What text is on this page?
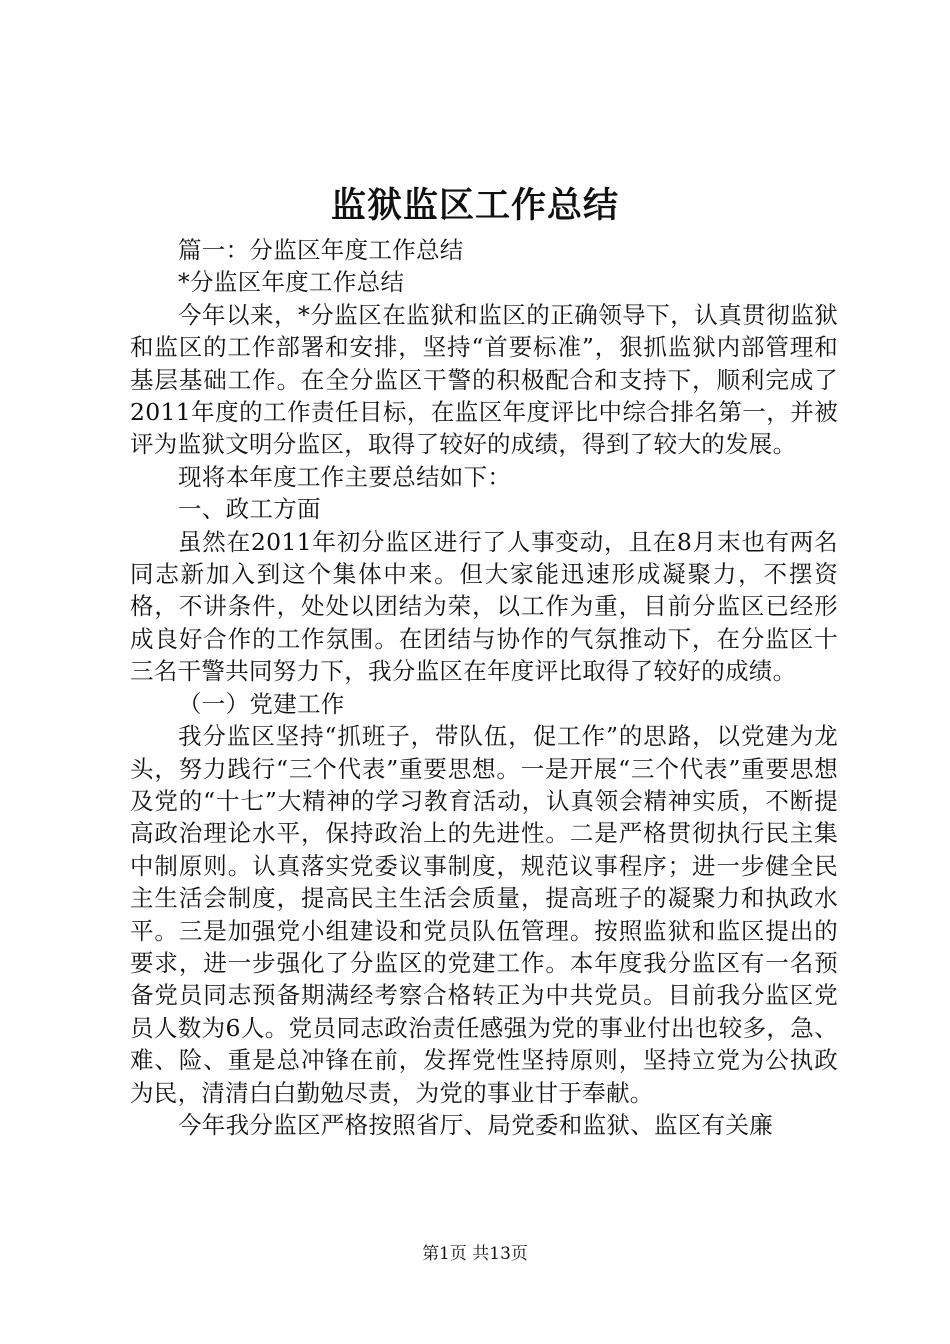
监狱监区工作总结

篇一：分监区年度工作总结

*分监区年度工作总结

今年以来，*分监区在监狱和监区的正确领导下，认真贯彻监狱和监区的工作部署和安排，坚持“首要标准”，狠抓监狱内部管理和基层基础工作。在全分监区干警的积极配合和支持下，顺利完成了2011年度的工作责任目标，在监区年度评比中综合排名第一，并被评为监狱文明分监区，取得了较好的成绩，得到了较大的发展。

现将本年度工作主要总结如下：

一、政工方面

虽然在2011年初分监区进行了人事变动，且在8月末也有两名同志新加入到这个集体中来。但大家能迅速形成凝聚力，不摆资格，不讲条件，处处以团结为荣，以工作为重，目前分监区已经形成良好合作的工作氛围。在团结与协作的气氛推动下，在分监区十三名干警共同努力下，我分监区在年度评比取得了较好的成绩。

（一）党建工作

我分监区坚持“抓班子，带队伍，促工作”的思路，以党建为龙头，努力践行“三个代表”重要思想。一是开展“三个代表”重要思想及党的“十七”大精神的学习教育活动，认真领会精神实质，不断提高政治理论水平，保持政治上的先进性。二是严格贯彻执行民主集中制原则。认真落实党委议事制度，规范议事程序；进一步健全民主生活会制度，提高民主生活会质量，提高班子的凝聚力和执政水平。三是加强党小组建设和党员队伍管理。按照监狱和监区提出的要求，进一步强化了分监区的党建工作。本年度我分监区有一名预备党员同志预备期满经考察合格转正为中共党员。目前我分监区党员人数为6人。党员同志政治责任感强为党的事业付出也较多，急、难、险、重是总冲锋在前，发挥党性坚持原则，坚持立党为公执政为民，清清白白勤勉尽责，为党的事业甘于奉献。

今年我分监区严格按照省厅、局党委和监狱、监区有关廉

第1页 共13页
